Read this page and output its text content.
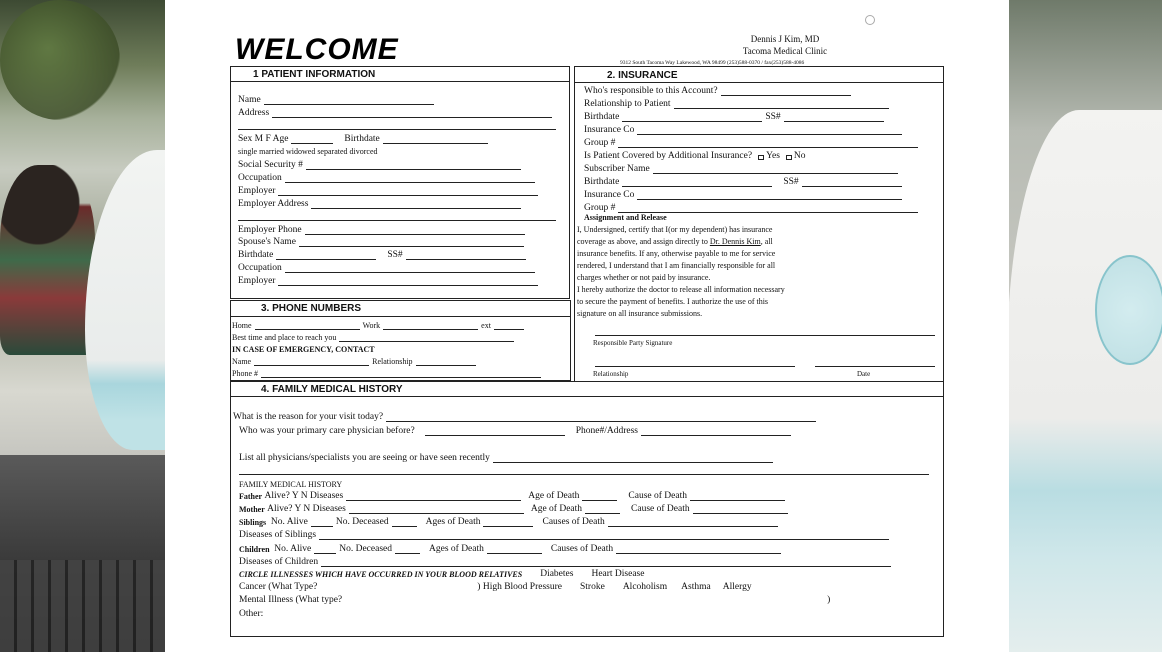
WELCOME	Dennis J Kim, MD
Tacoma Medical Clinic
9312 South Tacoma Way Lakewood, WA 98499 (253)588-0370 / fax(253)588-4086
1 PATIENT INFORMATION
Name
Address
Sex M F Age	Birthdate
single married widowed separated divorced
Social Security #
Occupation
Employer
Employer Address
Employer Phone
Spouse's Name
Birthdate	SS#
Occupation
Employer
2. INSURANCE
Who's responsible to this Account?
Relationship to Patient
Birthdate	SS#
Insurance Co
Group #
Is Patient Covered by Additional Insurance? Yes No
Subscriber Name
Birthdate	SS#
Insurance Co
Group #
Assignment and Release
I, Undersigned, certify that I(or my dependent) has insurance
coverage as above, and assign directly to
Dr. Dennis Kim , all
insurance benefits. If any, otherwise payable to me for service
rendered, I understand that I am financially responsible for all
charges whether or not paid by insurance.
I hereby authorize the doctor to release all information necessary
to secure the payment of benefits. I authorize the use of this
signature on all insurance submissions.
Responsible Party Signature
Relationship	Date
3. PHONE NUMBERS
Home	Work	ext
Best time and place to reach you
IN CASE OF EMERGENCY, CONTACT
Name	Relationship
Phone #
4. FAMILY MEDICAL HISTORY
What is the reason for your visit today?
Who was your primary care physician before?	Phone#/Address
List all physicians/specialists you are seeing or have seen recently
FAMILY MEDICAL HISTORY
Father
Alive? Y N Diseases	Age of Death	Cause of Death
Mother
Alive? Y N Diseases	Age of Death	Cause of Death
Siblings
No. Alive	No. Deceased	Ages of Death	Causes of Death
Diseases of Siblings
Children
No. Alive	No. Deceased	Ages of Death	Causes of Death
Diseases of Children
CIRCLE ILLNESSES WHICH HAVE OCCURRED IN YOUR BLOOD RELATIVES Diabetes Heart Disease
Cancer (What Type?	) High Blood Pressure Stroke Alcoholism Asthma Allergy
Mental Illness (What type?	)
Other:
